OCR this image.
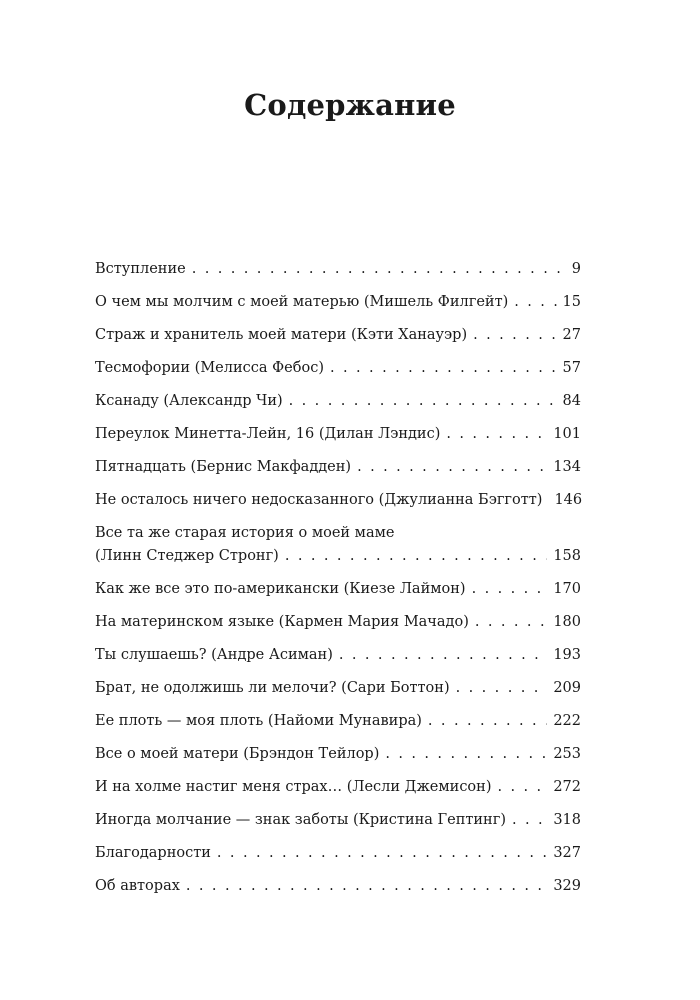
Содержание
Вступление . . .	9
О чем мы молчим с моей матерью (Мишель Филгейт) . . .	15
Страж и хранитель моей матери (Кэти Ханауэр) . . .	27
Тесмофории (Мелисса Фебос) . . .	57
Ксанаду (Александр Чи) . . .	84
Переулок Минетта-Лейн, 16 (Дилан Лэндис) . . .	101
Пятнадцать (Бернис Макфадден) . . .	134
Не осталось ничего недосказанного (Джулианна Бэгготт) 146
Все та же старая история о моей маме
(Линн Стеджер Стронг) . . .	158
Как же все это по-американски (Киезе Лаймон) . . .	170
На материнском языке (Кармен Мария Мачадо) . . .	180
Ты слушаешь? (Андре Асиман) . . .	193
Брат, не одолжишь ли мелочи? (Сари Боттон) . . .	209
Ее плоть — моя плоть (Найоми Мунавира) . . .	222
Все о моей матери (Брэндон Тейлор) . . .	253
И на холме настиг меня страх… (Лесли Джемисон) . . .	272
Иногда молчание — знак заботы (Кристина Гептинг) . . .	318
Благодарности . . .	327
Об авторах . . .	329
